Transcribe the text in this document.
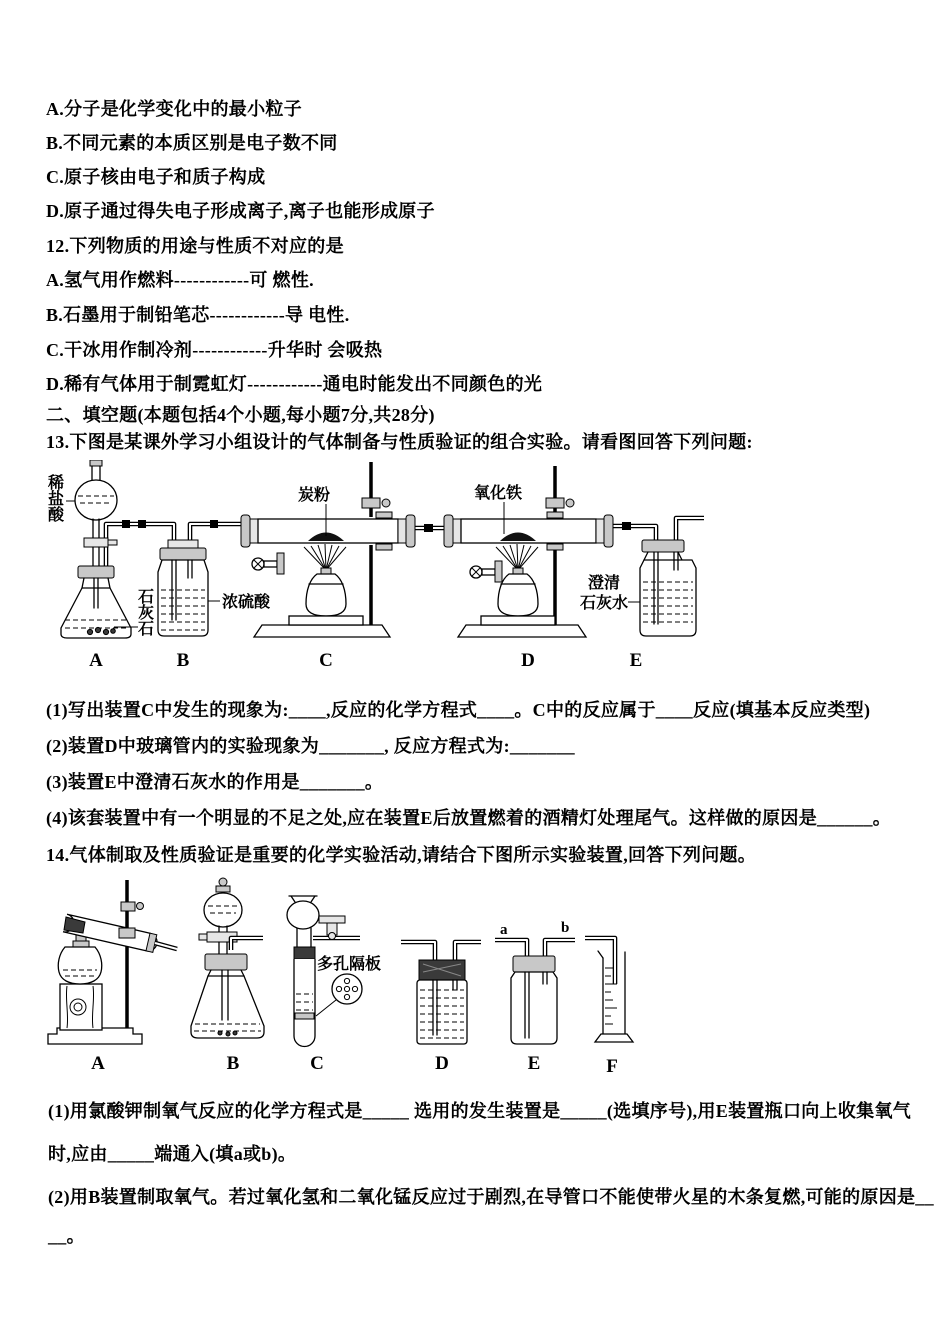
A.分子是化学变化中的最小粒子
B.不同元素的本质区别是电子数不同
C.原子核由电子和质子构成
D.原子通过得失电子形成离子,离子也能形成原子
12.下列物质的用途与性质不对应的是
A.氢气用作燃料------------可 燃性.
B.石墨用于制铅笔芯------------导 电性.
C.干冰用作制冷剂------------升华时 会吸热
D.稀有气体用于制霓虹灯------------通电时能发出不同颜色的光
二、填空题(本题包括4个小题,每小题7分,共28分)
13.下图是某课外学习小组设计的气体制备与性质验证的组合实验。请看图回答下列问题:
稀盐酸
石灰石	浓硫酸
炭粉	氧化铁
澄清
石灰水
A	B	C	D	E
(1)写出装置C中发生的现象为:____,反应的化学方程式____。C中的反应属于____反应(填基本反应类型)
(2)装置D中玻璃管内的实验现象为_______, 反应方程式为:_______
(3)装置E中澄清石灰水的作用是_______。
(4)该套装置中有一个明显的不足之处,应在装置E后放置燃着的酒精灯处理尾气。这样做的原因是______。
14.气体制取及性质验证是重要的化学实验活动,请结合下图所示实验装置,回答下列问题。
多孔隔板
a	b
A	B	C	D	E	F
(1)用氯酸钾制氧气反应的化学方程式是_____ 选用的发生装置是_____(选填序号),用E装置瓶口向上收集氧气
时,应由_____端通入(填a或b)。
(2)用B装置制取氧气。若过氧化氢和二氧化锰反应过于剧烈,在导管口不能使带火星的木条复燃,可能的原因是__
__。
